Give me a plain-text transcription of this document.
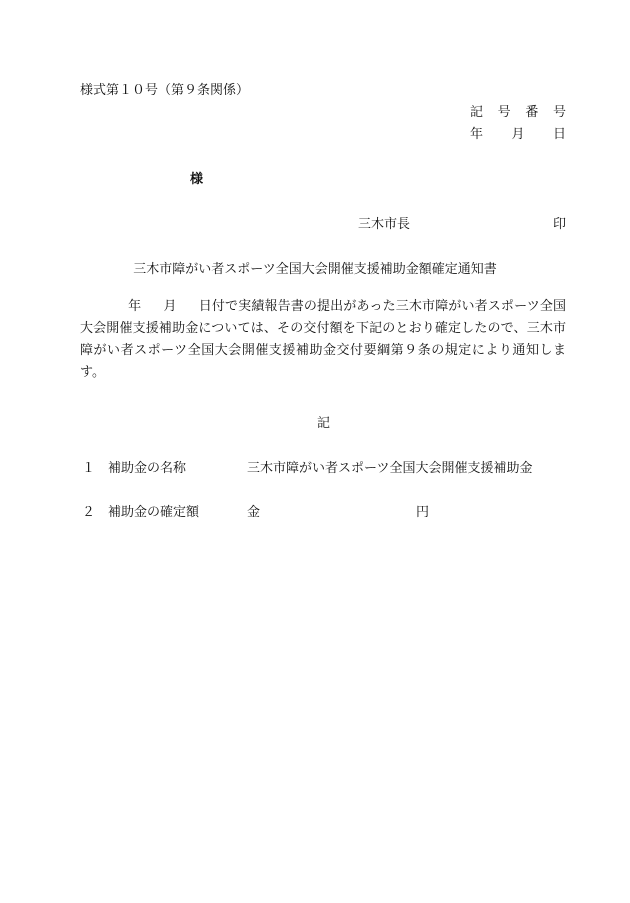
様式第１０号（第９条関係）
記 号 番 号
年 月 日
様
三木市長	印
三木市障がい者スポーツ全国大会開催支援補助金額確定通知書
年 月 日付で実績報告書の提出があった三木市障がい者スポーツ全国大会開催支援補助金については、その交付額を下記のとおり確定したので、三木市障がい者スポーツ全国大会開催支援補助金交付要綱第９条の規定により通知します。
記
１ 補助金の名称	三木市障がい者スポーツ全国大会開催支援補助金
２ 補助金の確定額	金	円
